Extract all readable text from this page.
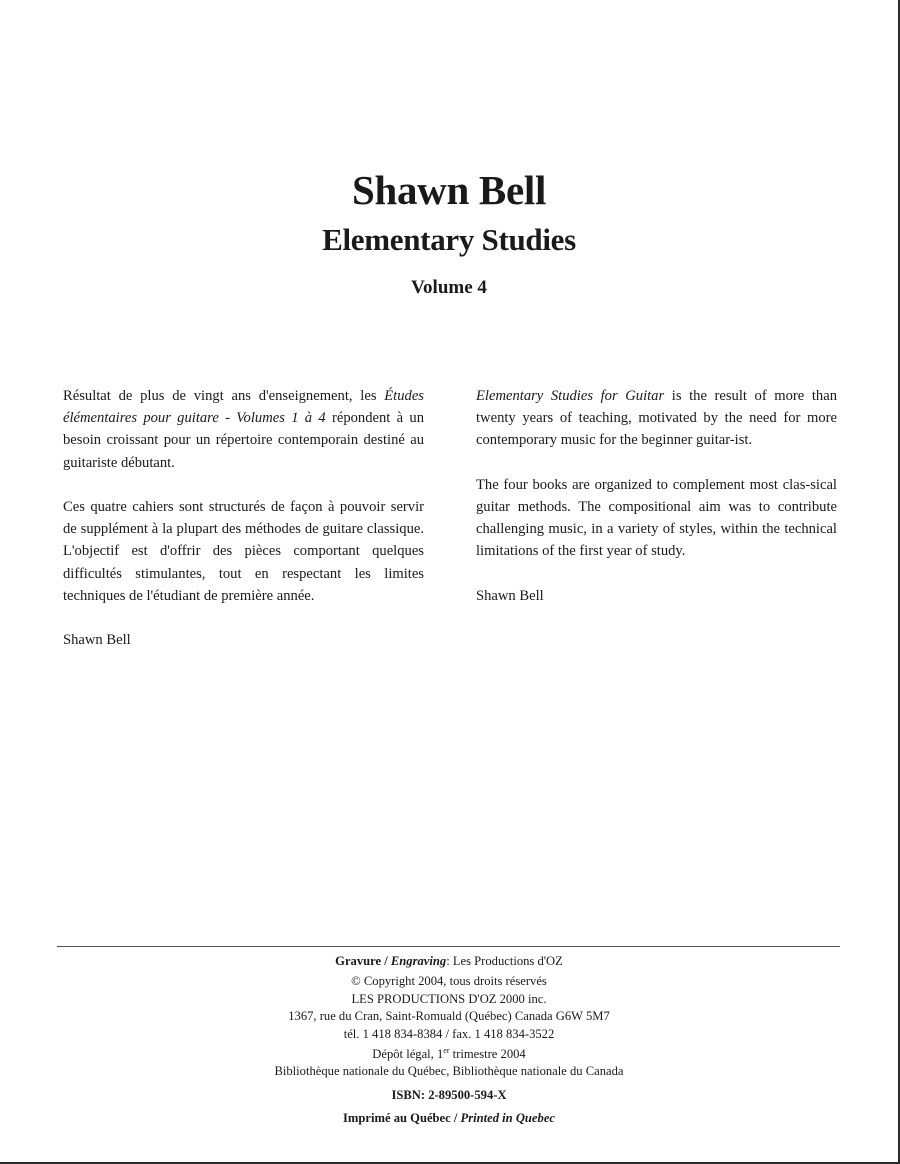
Shawn Bell
Elementary Studies
Volume 4

Résultat de plus de vingt ans d'enseignement, les Études élémentaires pour guitare - Volumes 1 à 4 répondent à un besoin croissant pour un répertoire contemporain destiné au guitariste débutant.

Ces quatre cahiers sont structurés de façon à pouvoir servir de supplément à la plupart des méthodes de guitare classique. L'objectif est d'offrir des pièces comportant quelques difficultés stimulantes, tout en respectant les limites techniques de l'étudiant de première année.

Shawn Bell

Elementary Studies for Guitar is the result of more than twenty years of teaching, motivated by the need for more contemporary music for the beginner guitar-ist.

The four books are organized to complement most clas-sical guitar methods. The compositional aim was to contribute challenging music, in a variety of styles, within the technical limitations of the first year of study.

Shawn Bell

Gravure / Engraving: Les Productions d'OZ
© Copyright 2004, tous droits réservés
LES PRODUCTIONS D'OZ 2000 inc.
1367, rue du Cran, Saint-Romuald (Québec) Canada G6W 5M7
tél. 1 418 834-8384 / fax. 1 418 834-3522
Dépôt légal, 1er trimestre 2004
Bibliothèque nationale du Québec, Bibliothèque nationale du Canada
ISBN: 2-89500-594-X
Imprimé au Québec / Printed in Quebec
